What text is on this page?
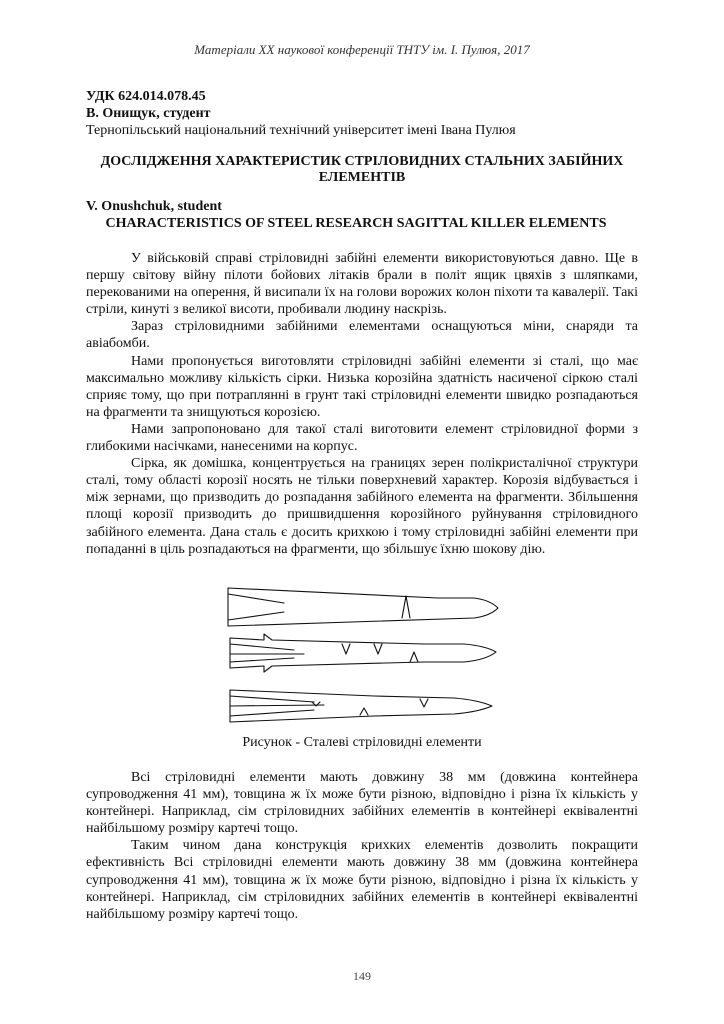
Матеріали ХХ наукової конференції ТНТУ ім. І. Пулюя, 2017
УДК 624.014.078.45
В. Онищук, студент
Тернопільський національний технічний університет імені Івана Пулюя
ДОСЛІДЖЕННЯ ХАРАКТЕРИСТИК СТРІЛОВИДНИХ СТАЛЬНИХ ЗАБІЙНИХ ЕЛЕМЕНТІВ
V. Onushchuk, student
CHARACTERISTICS OF STEEL RESEARCH SAGITTAL KILLER ELEMENTS

У військовій справі стріловидні забійні елементи використовуються давно. Ще в першу світову війну пілоти бойових літаків брали в політ ящик цвяхів з шляпками, перекованими на оперення, й висипали їх на голови ворожих колон піхоти та кавалерії. Такі стріли, кинуті з великої висоти, пробивали людину наскрізь.

Зараз стріловидними забійними елементами оснащуються міни, снаряди та авіабомби.

Нами пропонується виготовляти стріловидні забійні елементи зі сталі, що має максимально можливу кількість сірки. Низька корозійна здатність насиченої сіркою сталі сприяє тому, що при потраплянні в грунт такі стріловидні елементи швидко розпадаються на фрагменти та знищуються корозією.

Нами запропоновано для такої сталі виготовити елемент стріловидної форми з глибокими насічками, нанесеними на корпус.

Сірка, як домішка, концентрується на границях зерен полікристалічної структури сталі, тому області корозії носять не тільки поверхневий характер. Корозія відбувається і між зернами, що призводить до розпадання забійного елемента на фрагменти. Збільшення площі корозії призводить до пришвидшення корозійного руйнування стріловидного забійного елемента. Дана сталь є досить крихкою і тому стріловидні забійні елементи при попаданні в ціль розпадаються на фрагменти, що збільшує їхню шокову дію.

Рисунок - Сталеві стріловидні елементи

Всі стріловидні елементи мають довжину 38 мм (довжина контейнера супроводження 41 мм), товщина ж їх може бути різною, відповідно і різна їх кількість у контейнері. Наприклад, сім стріловидних забійних елементів в контейнері еквівалентні найбільшому розміру картечі тощо.

Таким чином дана конструкція крихких елементів дозволить покращити ефективність Всі стріловидні елементи мають довжину 38 мм (довжина контейнера супроводження 41 мм), товщина ж їх може бути різною, відповідно і різна їх кількість у контейнері. Наприклад, сім стріловидних забійних елементів в контейнері еквівалентні найбільшому розміру картечі тощо.

149
